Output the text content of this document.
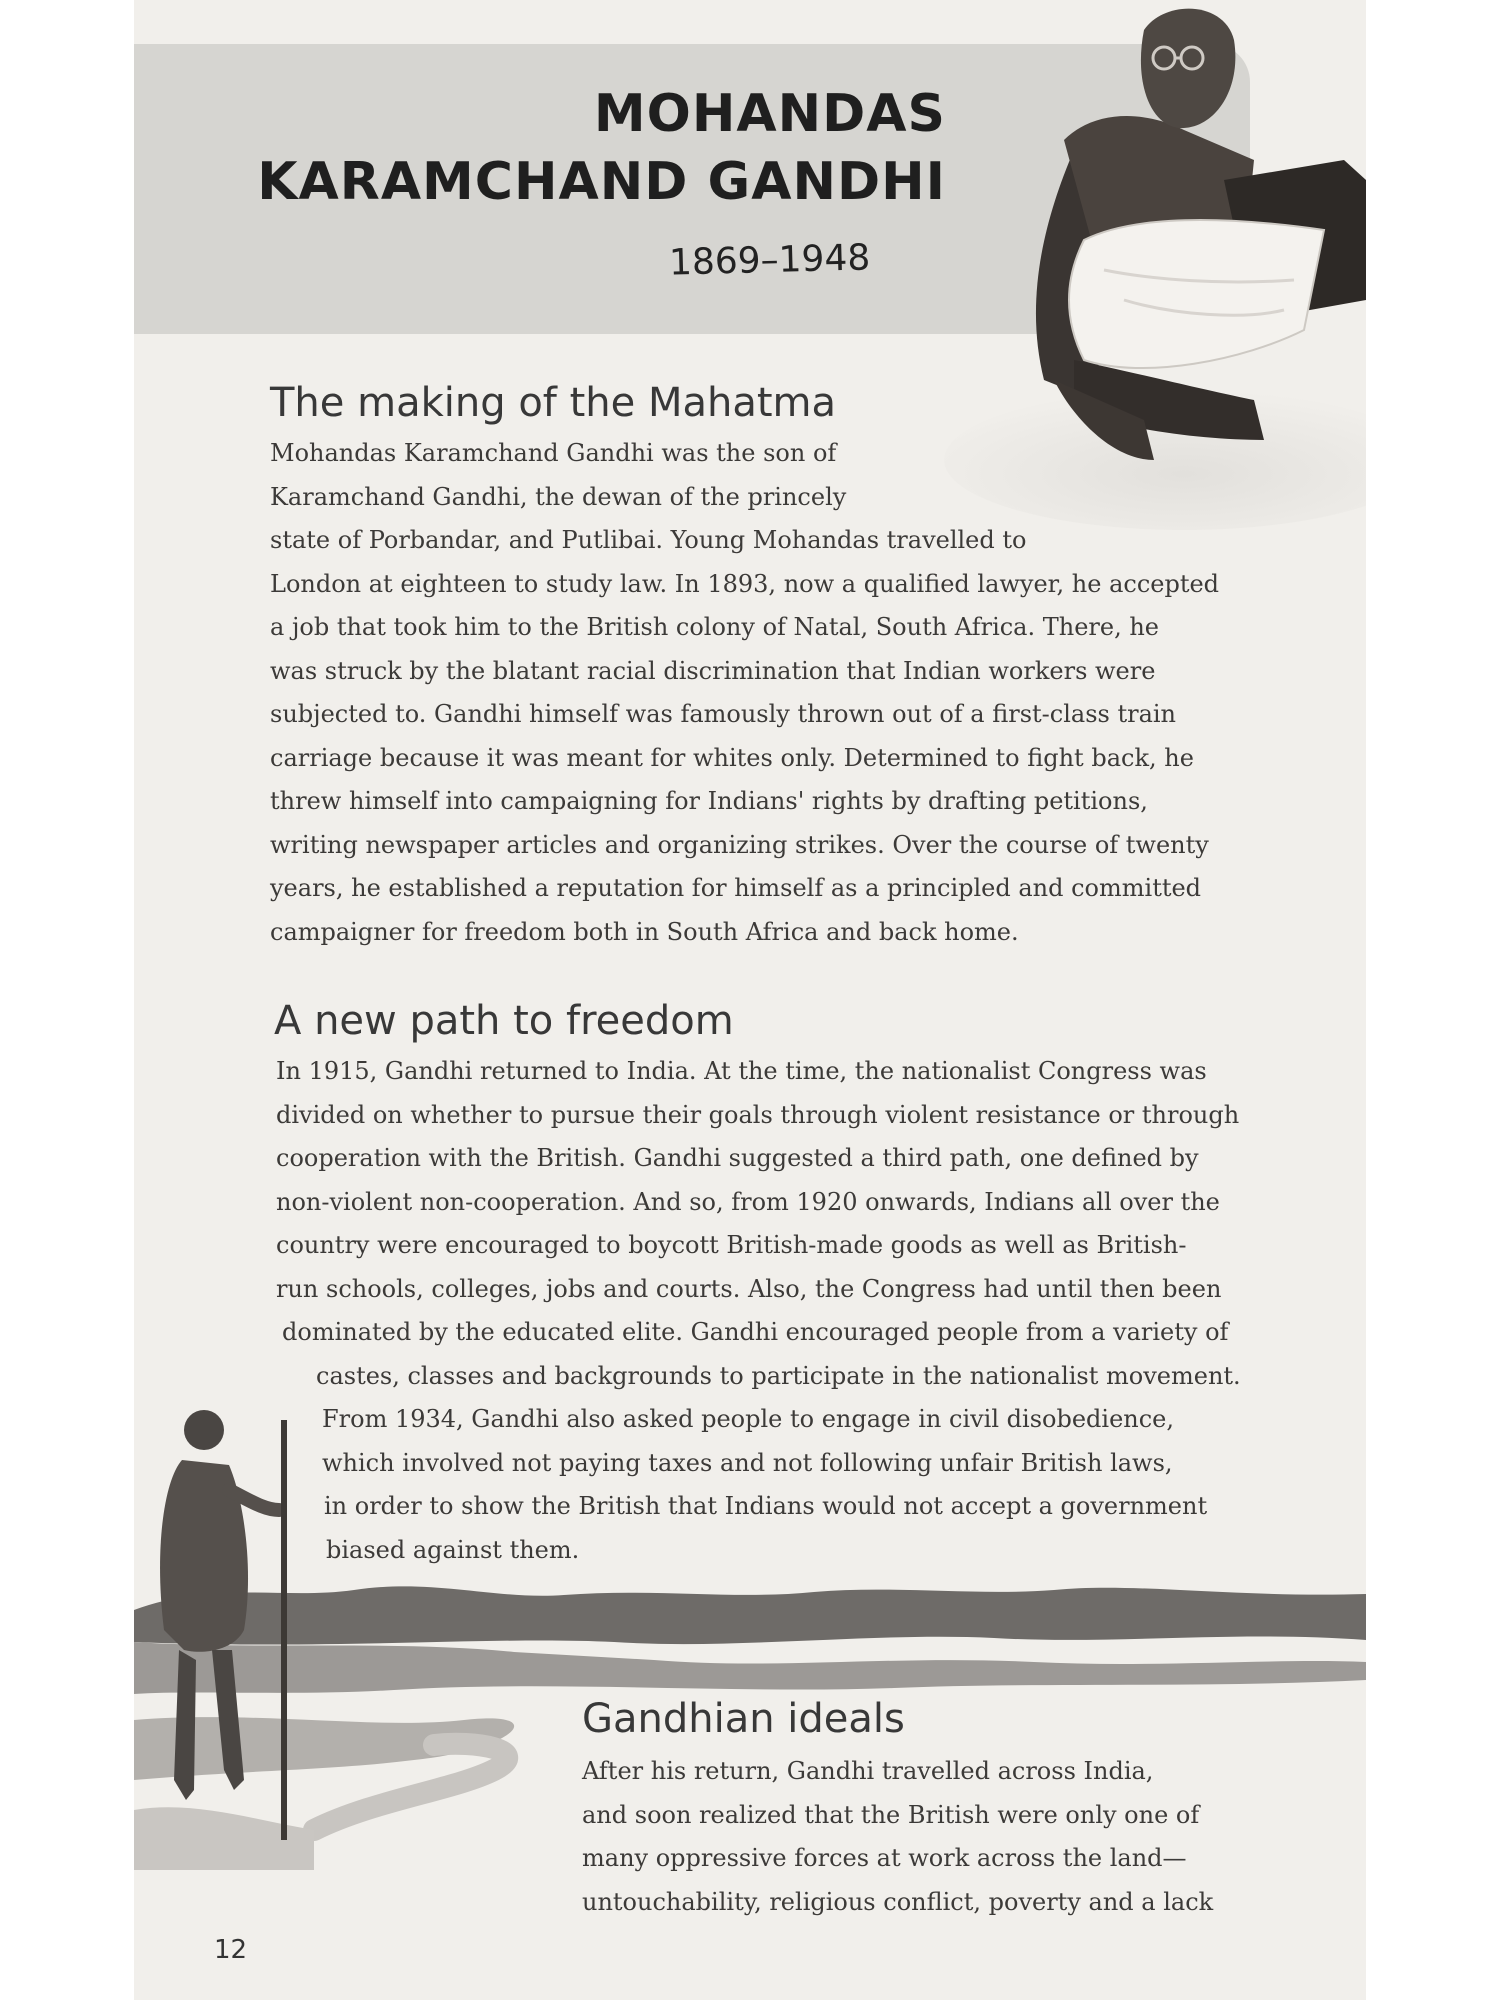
MOHANDAS
KARAMCHAND GANDHI
1869–1948
The making of the Mahatma

Mohandas Karamchand Gandhi was the son of
Karamchand Gandhi, the dewan of the princely
state of Porbandar, and Putlibai. Young Mohandas travelled to
London at eighteen to study law. In 1893, now a qualified lawyer, he accepted
a job that took him to the British colony of Natal, South Africa. There, he
was struck by the blatant racial discrimination that Indian workers were
subjected to. Gandhi himself was famously thrown out of a first-class train
carriage because it was meant for whites only. Determined to fight back, he
threw himself into campaigning for Indians' rights by drafting petitions,
writing newspaper articles and organizing strikes. Over the course of twenty
years, he established a reputation for himself as a principled and committed
campaigner for freedom both in South Africa and back home.

A new path to freedom

In 1915, Gandhi returned to India. At the time, the nationalist Congress was
divided on whether to pursue their goals through violent resistance or through
cooperation with the British. Gandhi suggested a third path, one defined by
non-violent non-cooperation. And so, from 1920 onwards, Indians all over the
country were encouraged to boycott British-made goods as well as British-
run schools, colleges, jobs and courts. Also, the Congress had until then been
dominated by the educated elite. Gandhi encouraged people from a variety of
castes, classes and backgrounds to participate in the nationalist movement.
From 1934, Gandhi also asked people to engage in civil disobedience,
which involved not paying taxes and not following unfair British laws,
in order to show the British that Indians would not accept a government
biased against them.

Gandhian ideals

After his return, Gandhi travelled across India,
and soon realized that the British were only one of
many oppressive forces at work across the land—
untouchability, religious conflict, poverty and a lack

12
